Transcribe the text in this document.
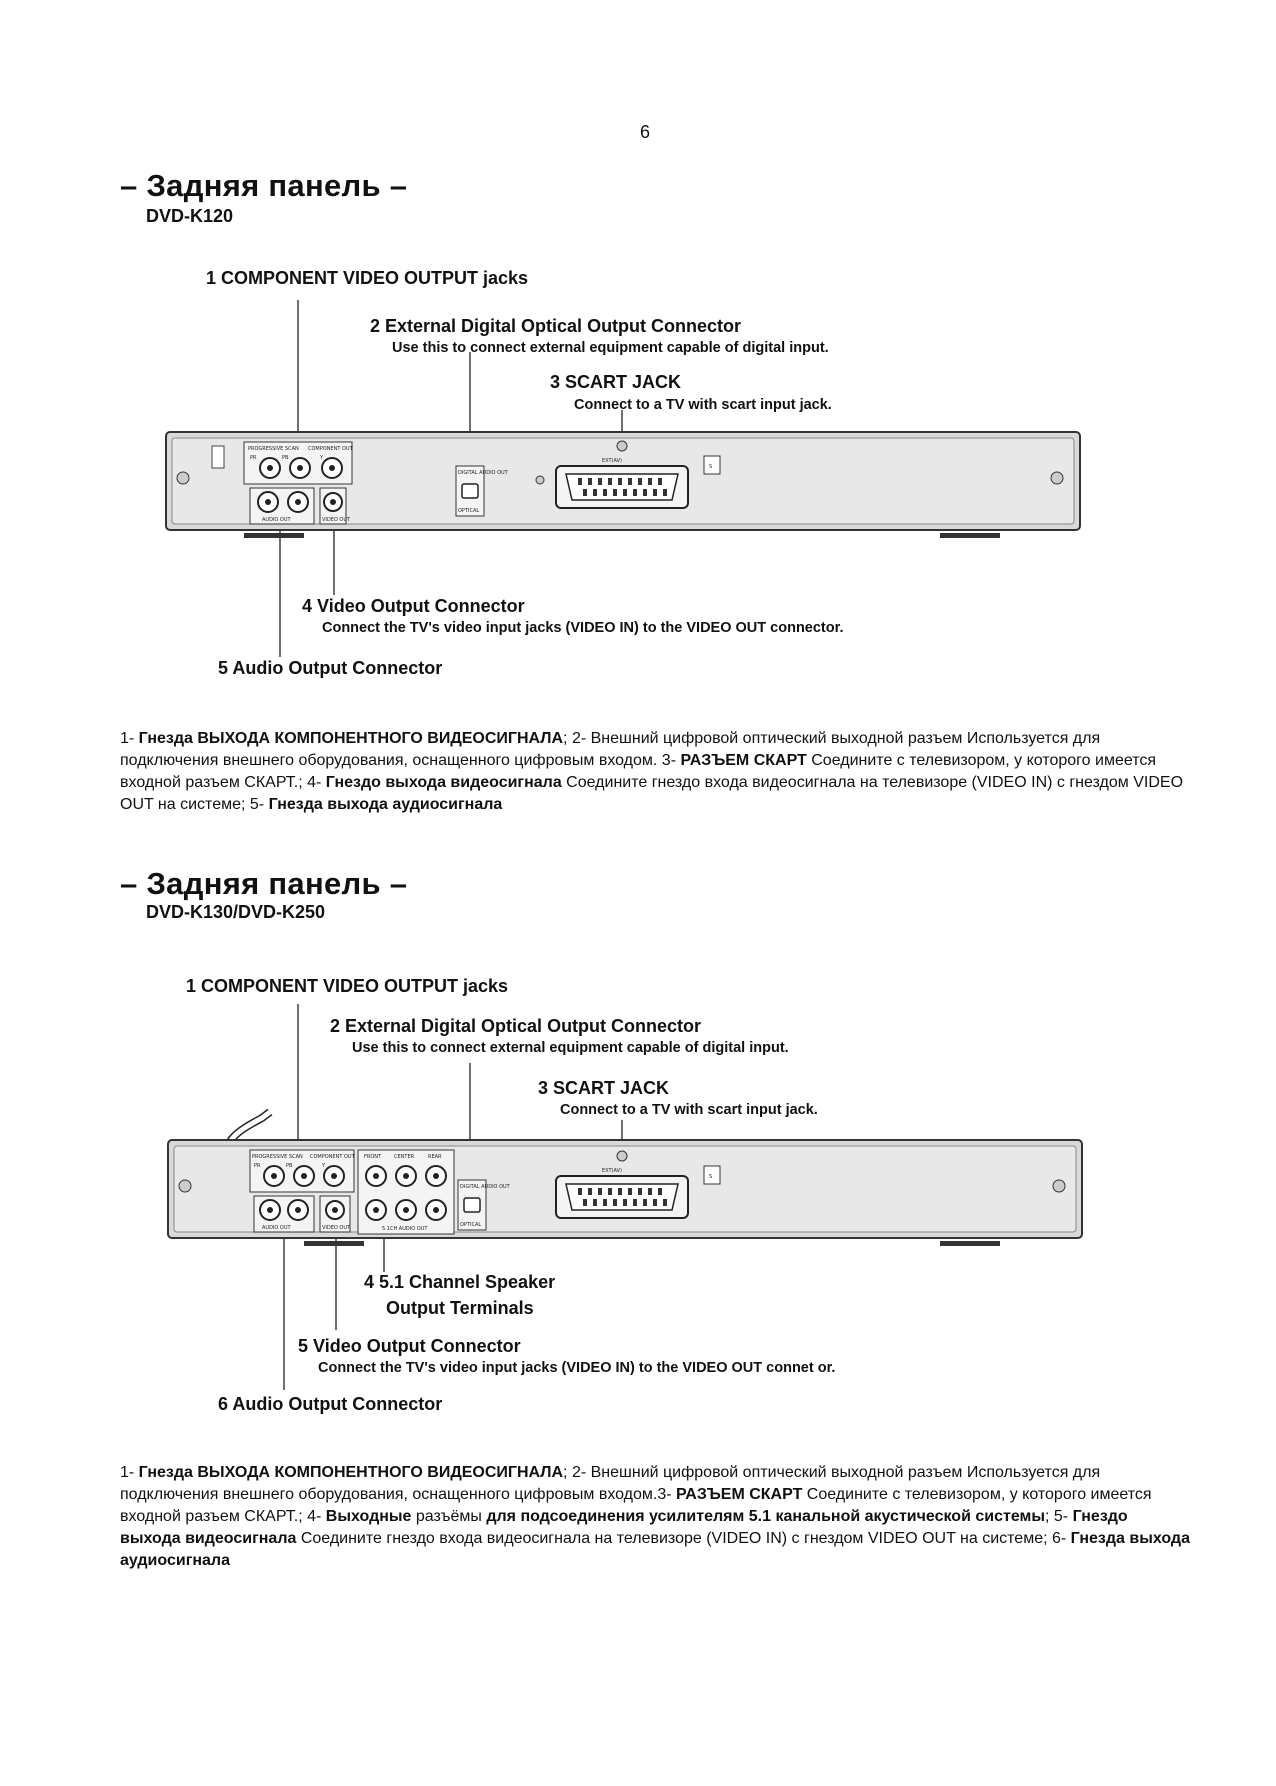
6
– Задняя панель –
DVD-K120
1 COMPONENT VIDEO OUTPUT jacks
2 External Digital Optical Output Connector
Use this to connect external equipment capable of digital input.
3 SCART JACK
Connect to a TV with scart input jack.
PROGRESSIVE SCAN COMPONENT OUT
PR	PB	Y
AUDIO OUT	VIDEO OUT
DIGITAL AUDIO OUT
OPTICAL
EXT(AV)
S
4 Video Output Connector
Connect the TV's video input jacks (VIDEO IN) to the VIDEO OUT connector.
5 Audio Output Connector
1- Гнезда ВЫХОДА КОМПОНЕНТНОГО ВИДЕОСИГНАЛА; 2- Внешний цифровой оптический выходной разъем Используется для подключения внешнего оборудования, оснащенного цифровым входом. 3- РАЗЪЕМ СКАРТ Соедините с телевизором, у которого имеется входной разъем СКАРТ.; 4- Гнездо выхода видеосигнала Соедините гнездо входа видеосигнала на телевизоре (VIDEO IN) с гнездом VIDEO OUT на системе; 5- Гнезда выхода аудиосигнала
– Задняя панель –
DVD-K130/DVD-K250
1 COMPONENT VIDEO OUTPUT jacks
2 External Digital Optical Output Connector
Use this to connect external equipment capable of digital input.
3 SCART JACK
Connect to a TV with scart input jack.
PROGRESSIVE SCAN COMPONENT OUT
PR	PB	Y
AUDIO OUT	VIDEO OUT
FRONT	CENTER	REAR
5.1CH AUDIO OUT
DIGITAL AUDIO OUT
OPTICAL
EXT(AV)
S
4 5.1 Channel Speaker
Output Terminals
5 Video Output Connector
Connect the TV's video input jacks (VIDEO IN) to the VIDEO OUT connet or.
6 Audio Output Connector
1- Гнезда ВЫХОДА КОМПОНЕНТНОГО ВИДЕОСИГНАЛА; 2- Внешний цифровой оптический выходной разъем Используется для подключения внешнего оборудования, оснащенного цифровым входом.3- РАЗЪЕМ СКАРТ Соедините с телевизором, у которого имеется входной разъем СКАРТ.; 4- Выходные разъёмы для подсоединения усилителям 5.1 канальной акустической системы; 5- Гнездо выхода видеосигнала Соедините гнездо входа видеосигнала на телевизоре (VIDEO IN) с гнездом VIDEO OUT на системе; 6- Гнезда выхода аудиосигнала
